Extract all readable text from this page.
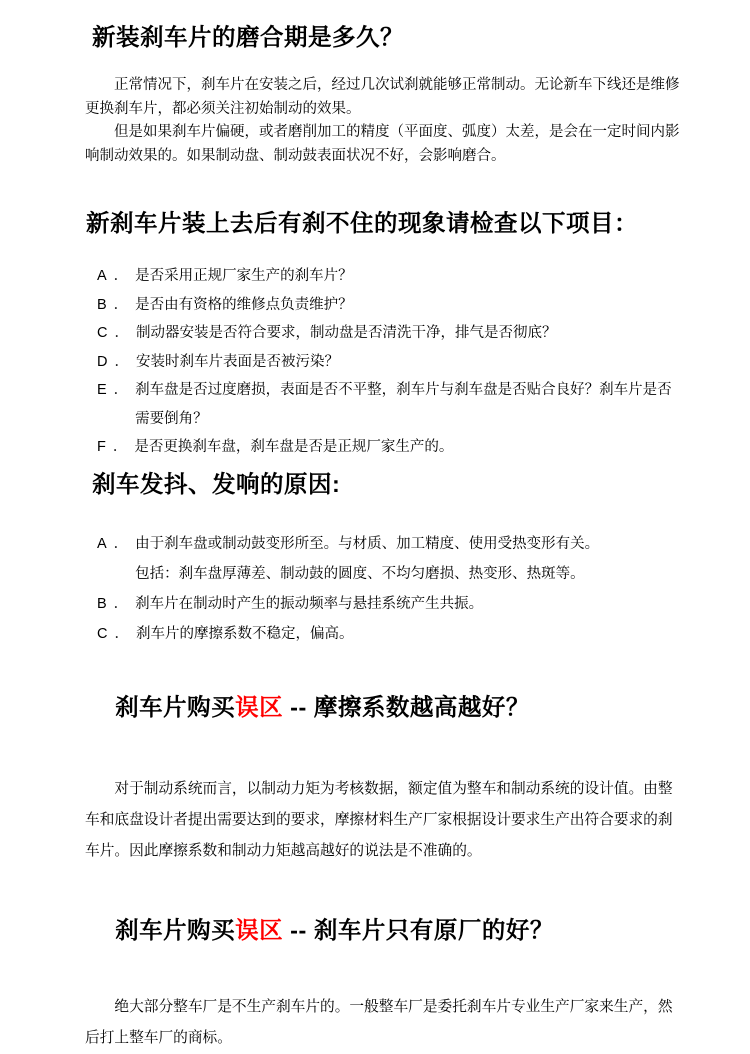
新装刹车片的磨合期是多久？

正常情况下，刹车片在安装之后，经过几次试刹就能够正常制动。无论新车下线还是维修更换刹车片，都必须关注初始制动的效果。

但是如果刹车片偏硬，或者磨削加工的精度（平面度、弧度）太差，是会在一定时间内影响制动效果的。如果制动盘、制动鼓表面状况不好，会影响磨合。

新刹车片装上去后有刹不住的现象请检查以下项目：
A． 是否采用正规厂家生产的刹车片？
B． 是否由有资格的维修点负责维护？
C． 制动器安装是否符合要求，制动盘是否清洗干净，排气是否彻底？
D． 安装时刹车片表面是否被污染？
E． 刹车盘是否过度磨损，表面是否不平整，刹车片与刹车盘是否贴合良好？刹车片是否需要倒角？
F． 是否更换刹车盘，刹车盘是否是正规厂家生产的。
刹车发抖、发响的原因:
A． 由于刹车盘或制动鼓变形所至。与材质、加工精度、使用受热变形有关。
包括：刹车盘厚薄差、制动鼓的圆度、不均匀磨损、热变形、热斑等。
B． 刹车片在制动时产生的振动频率与悬挂系统产生共振。
C． 刹车片的摩擦系数不稳定，偏高。

刹车片购买误区 -- 摩擦系数越高越好？

对于制动系统而言，以制动力矩为考核数据，额定值为整车和制动系统的设计值。由整车和底盘设计者提出需要达到的要求，摩擦材料生产厂家根据设计要求生产出符合要求的刹车片。因此摩擦系数和制动力矩越高越好的说法是不准确的。

刹车片购买误区 -- 刹车片只有原厂的好？

绝大部分整车厂是不生产刹车片的。一般整车厂是委托刹车片专业生产厂家来生产，然后打上整车厂的商标。
